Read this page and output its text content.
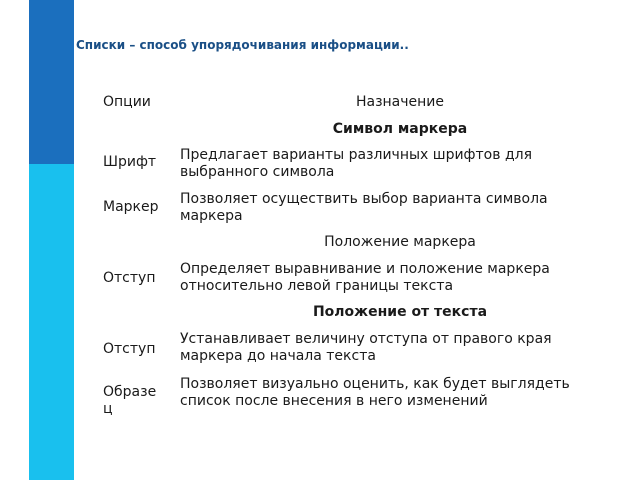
Списки – способ упорядочивания информации..
Опции	Назначение
Символ маркера
Шрифт Предлагает варианты различных шрифтов для выбранного символа
Маркер Позволяет осуществить выбор варианта символа маркера
Положение маркера
Отступ
Определяет выравнивание и положение маркера относительно левой границы текста
Положение от текста
Отступ
Устанавливает величину отступа от правого края маркера до начала текста
Образе
ц
Позволяет визуально оценить, как будет выглядеть список после внесения в него изменений
